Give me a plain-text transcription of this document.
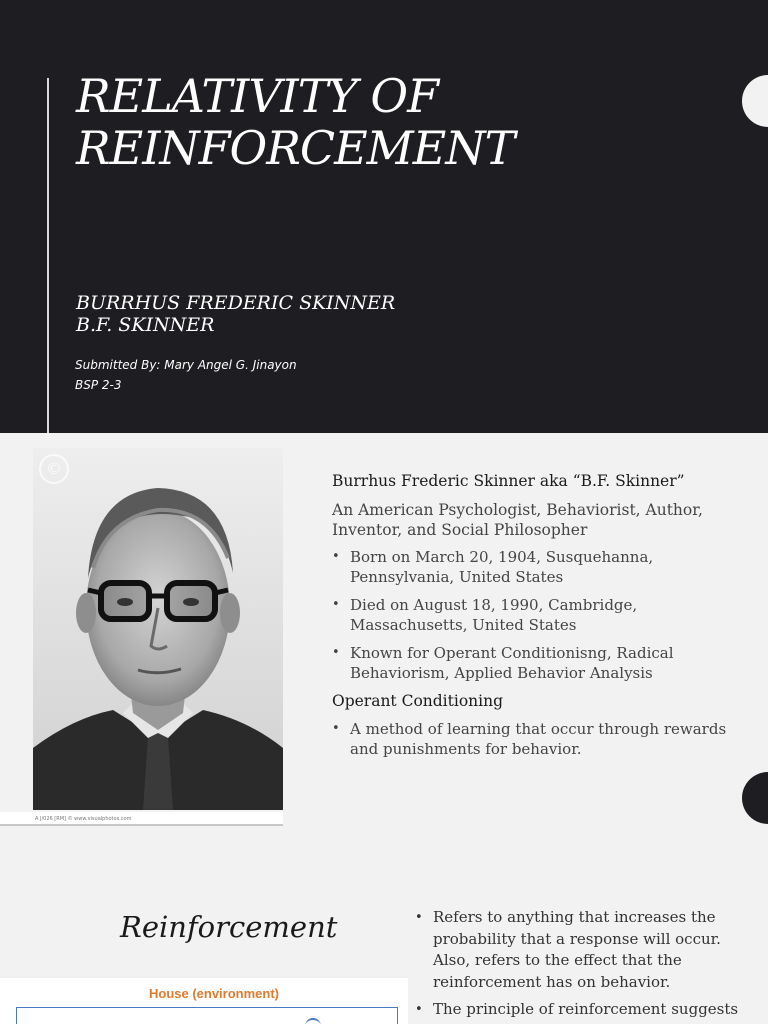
RELATIVITY OF
REINFORCEMENT
BURRHUS FREDERIC SKINNER
B.F. SKINNER
Submitted By: Mary Angel G. Jinayon
BSP 2-3
©
A J/026 [RM] © www.visualphotos.com
Burrhus Frederic Skinner aka “B.F. Skinner”
An American Psychologist, Behaviorist, Author, Inventor, and Social Philosopher
• Born on March 20, 1904, Susquehanna, Pennsylvania, United States
• Died on August 18, 1990, Cambridge, Massachusetts, United States
• Known for Operant Conditionisng, Radical Behaviorism, Applied Behavior Analysis
Operant Conditioning
• A method of learning that occur through rewards and punishments for behavior.
Reinforcement
House (environment)
• Refers to anything that increases the probability that a response will occur. Also, refers to the effect that the reinforcement has on behavior.
• The principle of reinforcement suggests
